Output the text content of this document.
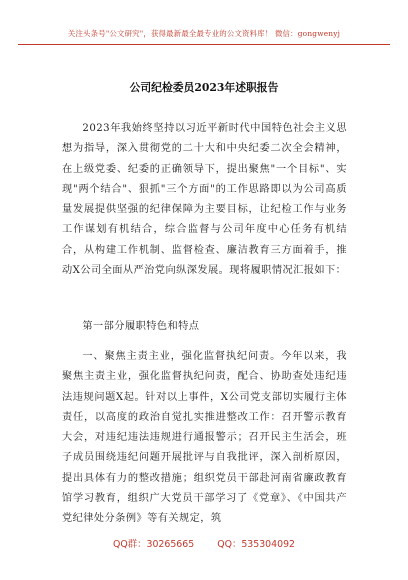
关注头条号"公文研究"，获得最新最全最专业的公文资料库！ 微信：gongwenyj
公司纪检委员2023年述职报告

2023年我始终坚持以习近平新时代中国特色社会主义思想为指导，深入贯彻党的二十大和中央纪委二次全会精神，在上级党委、纪委的正确领导下，提出聚焦"一个目标"、实现"两个结合"、狠抓"三个方面"的工作思路即以为公司高质量发展提供坚强的纪律保障为主要目标，让纪检工作与业务工作谋划有机结合，综合监督与公司年度中心任务有机结合，从构建工作机制、监督检查、廉洁教育三方面着手，推动X公司全面从严治党向纵深发展。现将履职情况汇报如下：

第一部分履职特色和特点

一、聚焦主责主业，强化监督执纪问责。今年以来，我聚焦主责主业，强化监督执纪问责，配合、协助查处违纪违法违规问题X起。针对以上事件，X公司党支部切实履行主体责任，以高度的政治自觉扎实推进整改工作：召开警示教育大会，对违纪违法违规进行通报警示；召开民主生活会，班子成员围绕违纪问题开展批评与自我批评，深入剖析原因，提出具体有力的整改措施；组织党员干部赴河南省廉政教育馆学习教育，组织广大党员干部学习了《党章》、《中国共产党纪律处分条例》等有关规定，筑

QQ群：30265665 QQ：535304092
